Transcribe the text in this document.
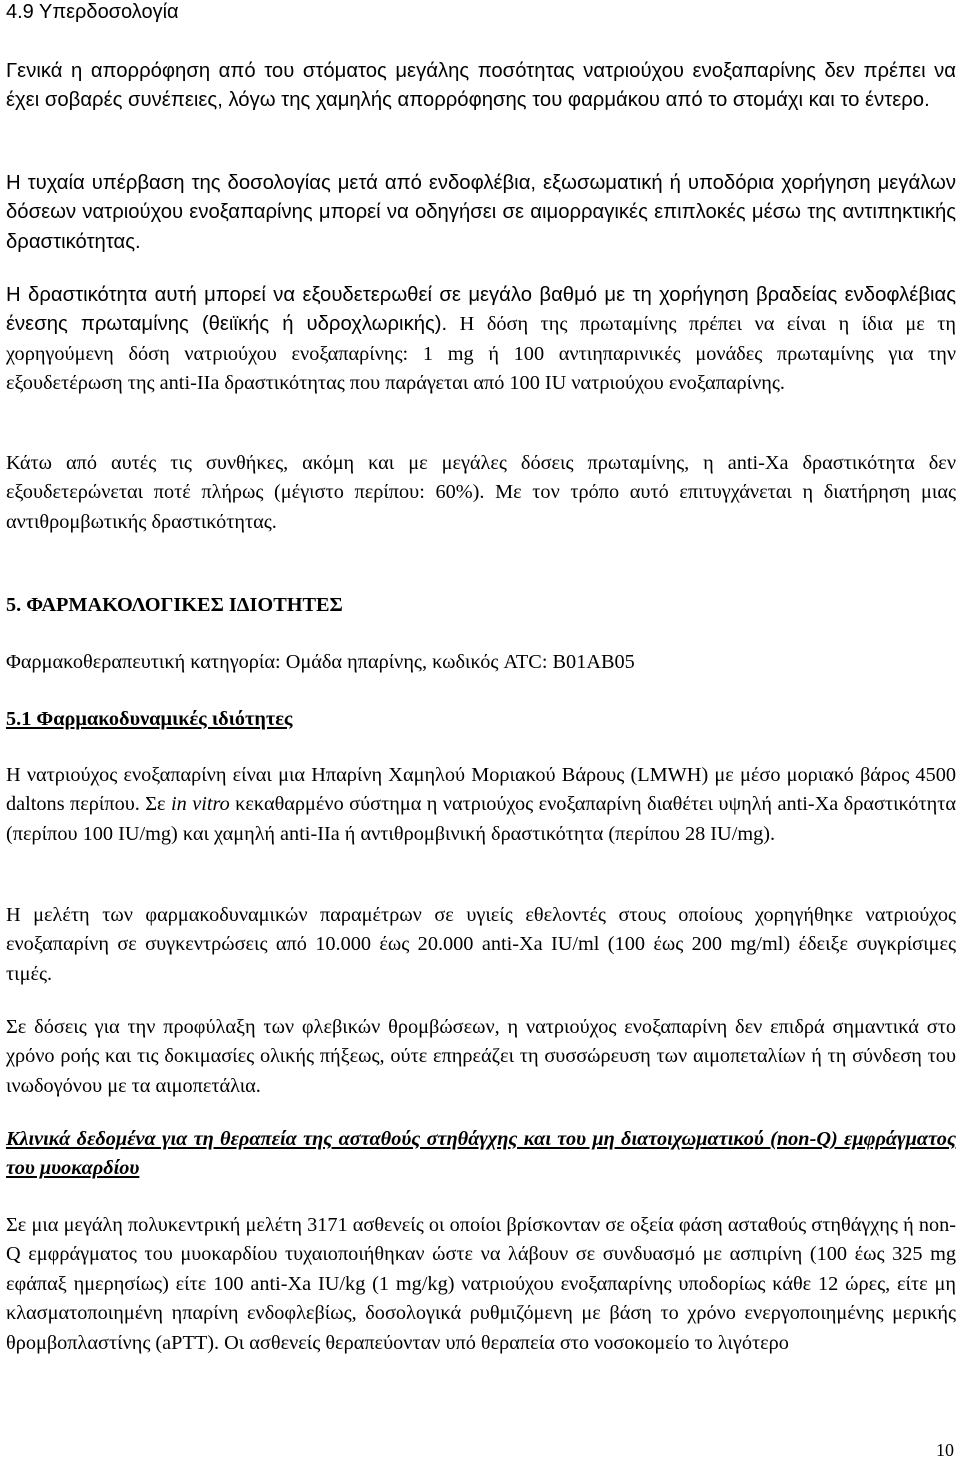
4.9 Υπερδοσολογία

Γενικά η απορρόφηση από του στόματος μεγάλης ποσότητας νατριούχου ενοξαπαρίνης δεν πρέπει να έχει σοβαρές συνέπειες, λόγω της χαμηλής απορρόφησης του φαρμάκου από το στομάχι και το έντερο.

Η τυχαία υπέρβαση της δοσολογίας μετά από ενδοφλέβια, εξωσωματική ή υποδόρια χορήγηση μεγάλων δόσεων νατριούχου ενοξαπαρίνης μπορεί να οδηγήσει σε αιμορραγικές επιπλοκές μέσω της αντιπηκτικής δραστικότητας.

Η δραστικότητα αυτή μπορεί να εξουδετερωθεί σε μεγάλο βαθμό με τη χορήγηση βραδείας ενδοφλέβιας ένεσης πρωταμίνης (θειϊκής ή υδροχλωρικής). Η δόση της πρωταμίνης πρέπει να είναι η ίδια με τη χορηγούμενη δόση νατριούχου ενοξαπαρίνης: 1 mg ή 100 αντιηπαρινικές μονάδες πρωταμίνης για την εξουδετέρωση της anti-IIa δραστικότητας που παράγεται από 100 IU νατριούχου ενοξαπαρίνης.

Κάτω από αυτές τις συνθήκες, ακόμη και με μεγάλες δόσεις πρωταμίνης, η anti-Xa δραστικότητα δεν εξουδετερώνεται ποτέ πλήρως (μέγιστο περίπου: 60%). Με τον τρόπο αυτό επιτυγχάνεται η διατήρηση μιας αντιθρομβωτικής δραστικότητας.

5. ΦΑΡΜΑΚΟΛΟΓΙΚΕΣ ΙΔΙΟΤΗΤΕΣ

Φαρμακοθεραπευτική κατηγορία: Ομάδα ηπαρίνης, κωδικός ATC: B01AB05

5.1 Φαρμακοδυναμικές ιδιότητες

Η νατριούχος ενοξαπαρίνη είναι μια Ηπαρίνη Χαμηλού Μοριακού Βάρους (LMWH) με μέσο μοριακό βάρος 4500 daltons περίπου. Σε in vitro κεκαθαρμένο σύστημα η νατριούχος ενοξαπαρίνη διαθέτει υψηλή anti-Xa δραστικότητα (περίπου 100 IU/mg) και χαμηλή anti-IIa ή αντιθρομβινική δραστικότητα (περίπου 28 IU/mg).

Η μελέτη των φαρμακοδυναμικών παραμέτρων σε υγιείς εθελοντές στους οποίους χορηγήθηκε νατριούχος ενοξαπαρίνη σε συγκεντρώσεις από 10.000 έως 20.000 anti-Xa IU/ml (100 έως 200 mg/ml) έδειξε συγκρίσιμες τιμές.

Σε δόσεις για την προφύλαξη των φλεβικών θρομβώσεων, η νατριούχος ενοξαπαρίνη δεν επιδρά σημαντικά στο χρόνο ροής και τις δοκιμασίες ολικής πήξεως, ούτε επηρεάζει τη συσσώρευση των αιμοπεταλίων ή τη σύνδεση του ινωδογόνου με τα αιμοπετάλια.

Κλινικά δεδομένα για τη θεραπεία της ασταθούς στηθάγχης και του μη διατοιχωματικού (non-Q) εμφράγματος του μυοκαρδίου

Σε μια μεγάλη πολυκεντρική μελέτη 3171 ασθενείς οι οποίοι βρίσκονταν σε οξεία φάση ασταθούς στηθάγχης ή non-Q εμφράγματος του μυοκαρδίου τυχαιοποιήθηκαν ώστε να λάβουν σε συνδυασμό με ασπιρίνη (100 έως 325 mg εφάπαξ ημερησίως) είτε 100 anti-Xa IU/kg (1 mg/kg) νατριούχου ενοξαπαρίνης υποδορίως κάθε 12 ώρες, είτε μη κλασματοποιημένη ηπαρίνη ενδοφλεβίως, δοσολογικά ρυθμιζόμενη με βάση το χρόνο ενεργοποιημένης μερικής θρομβοπλαστίνης (aPTT). Οι ασθενείς θεραπεύονταν υπό θεραπεία στο νοσοκομείο το λιγότερο

10
